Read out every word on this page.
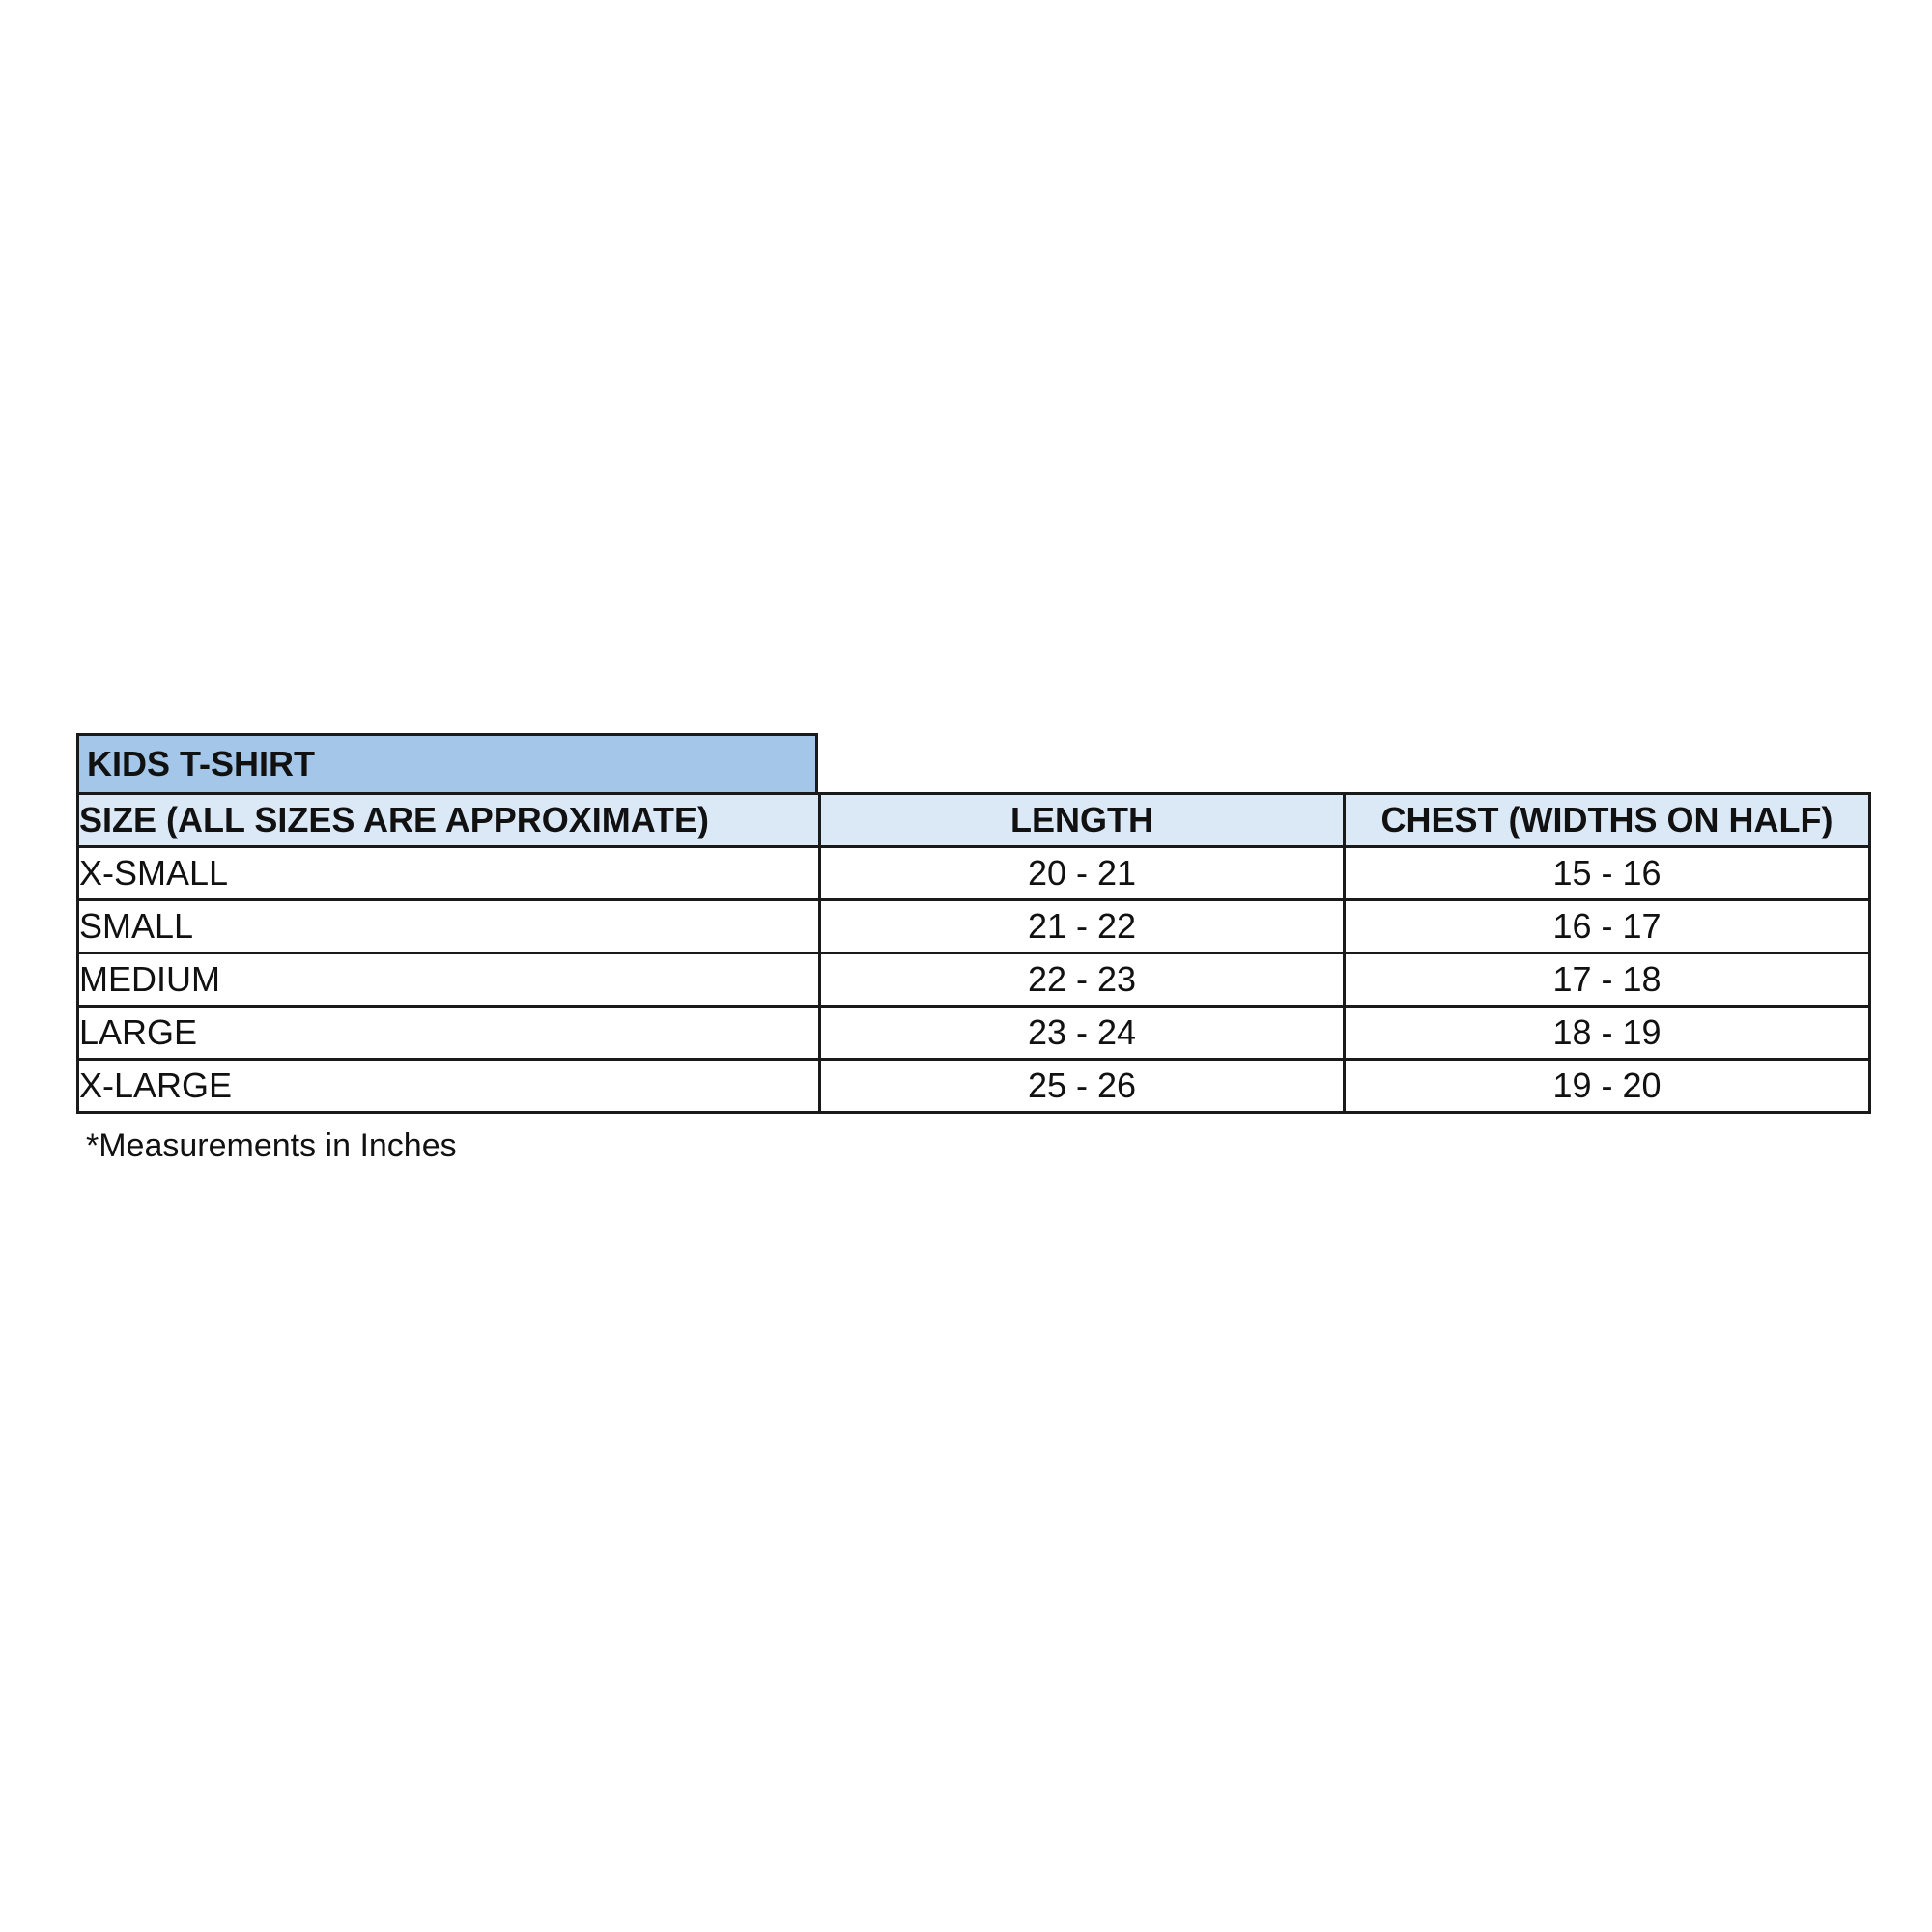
KIDS T-SHIRT
SIZE (ALL SIZES ARE APPROXIMATE)	LENGTH	CHEST (WIDTHS ON HALF)
X-SMALL	20 - 21	15 - 16
SMALL	21 - 22	16 - 17
MEDIUM	22 - 23	17 - 18
LARGE	23 - 24	18 - 19
X-LARGE	25 - 26	19 - 20
*Measurements in Inches
